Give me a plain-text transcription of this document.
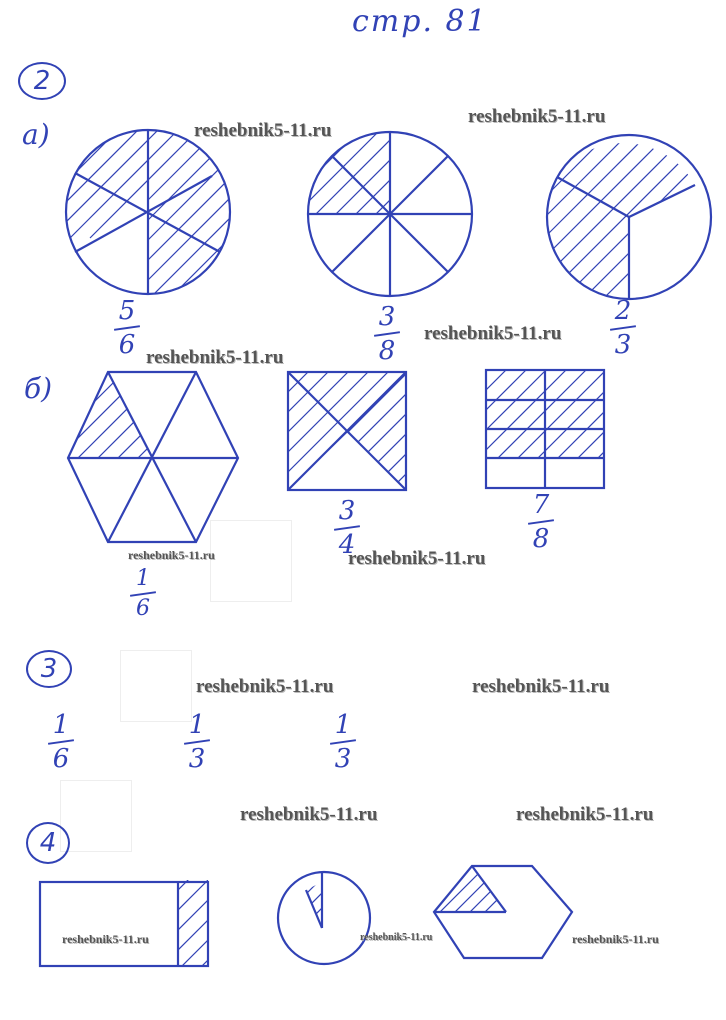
стр. 81
2
а)
5
6
3
8
2
3
б)
1
6
3
4
7
8
3
1
6
1
3
1
3
4
reshebnik5-11.ru
reshebnik5-11.ru
reshebnik5-11.ru
reshebnik5-11.ru
reshebnik5-11.ru	reshebnik5-11.ru
reshebnik5-11.ru	reshebnik5-11.ru
reshebnik5-11.ru	reshebnik5-11.ru
reshebnik5-11.ru	reshebnik5-11.ru	reshebnik5-11.ru
